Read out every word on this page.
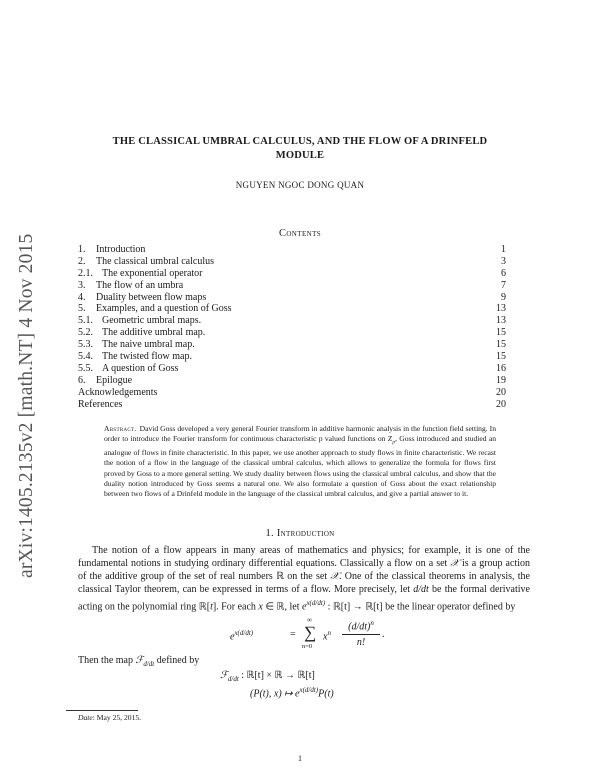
arXiv:1405.2135v2 [math.NT] 4 Nov 2015
THE CLASSICAL UMBRAL CALCULUS, AND THE FLOW OF A DRINFELD
MODULE
NGUYEN NGOC DONG QUAN
Contents
1. Introduction	1
2. The classical umbral calculus	3
2.1. The exponential operator	6
3. The flow of an umbra	7
4. Duality between flow maps	9
5. Examples, and a question of Goss	13
5.1. Geometric umbral maps.	13
5.2. The additive umbral map.	15
5.3. The naive umbral map.	15
5.4. The twisted flow map.	15
5.5. A question of Goss	16
6. Epilogue	19
Acknowledgements	20
References	20
Abstract. David Goss developed a very general Fourier transform in additive harmonic analysis in the function field setting. In order to introduce the Fourier transform for continuous characteristic p valued functions on $Z_p$, Goss introduced and studied an analogue of flows in finite characteristic. In this paper, we use another approach to study flows in finite characteristic. We recast the notion of a flow in the language of the classical umbral calculus, which allows to generalize the formula for flows first proved by Goss to a more general setting. We study duality between flows using the classical umbral calculus, and show that the duality notion introduced by Goss seems a natural one. We also formulate a question of Goss about the exact relationship between two flows of a Drinfeld module in the language of the classical umbral calculus, and give a partial answer to it.
1. Introduction
The notion of a flow appears in many areas of mathematics and physics; for example, it is one of the fundamental notions in studying ordinary differential equations. Classically a flow on a set 𝒳 is a group action of the additive group of the set of real numbers ℝ on the set 𝒳. One of the classical theorems in analysis, the classical Taylor theorem, can be expressed in terms of a flow. More precisely, let d/dt be the formal derivative acting on the polynomial ring ℝ[t]. For each x ∈ ℝ, let $e^{x(d/dt)}$ : ℝ[t] → ℝ[t] be the linear operator defined by
$e^{x(d/dt)}$	=
∞
∑
n=0
$x^n$
$(d/dt)^n$
n!
.
Then the map ℱ$_{d/dt}$ defined by
ℱ$_{d/dt}$ : ℝ[t] × ℝ → ℝ[t]
(P(t), x) ↦ $e^{x(d/dt)}P(t)$
Date: May 25, 2015.
1
